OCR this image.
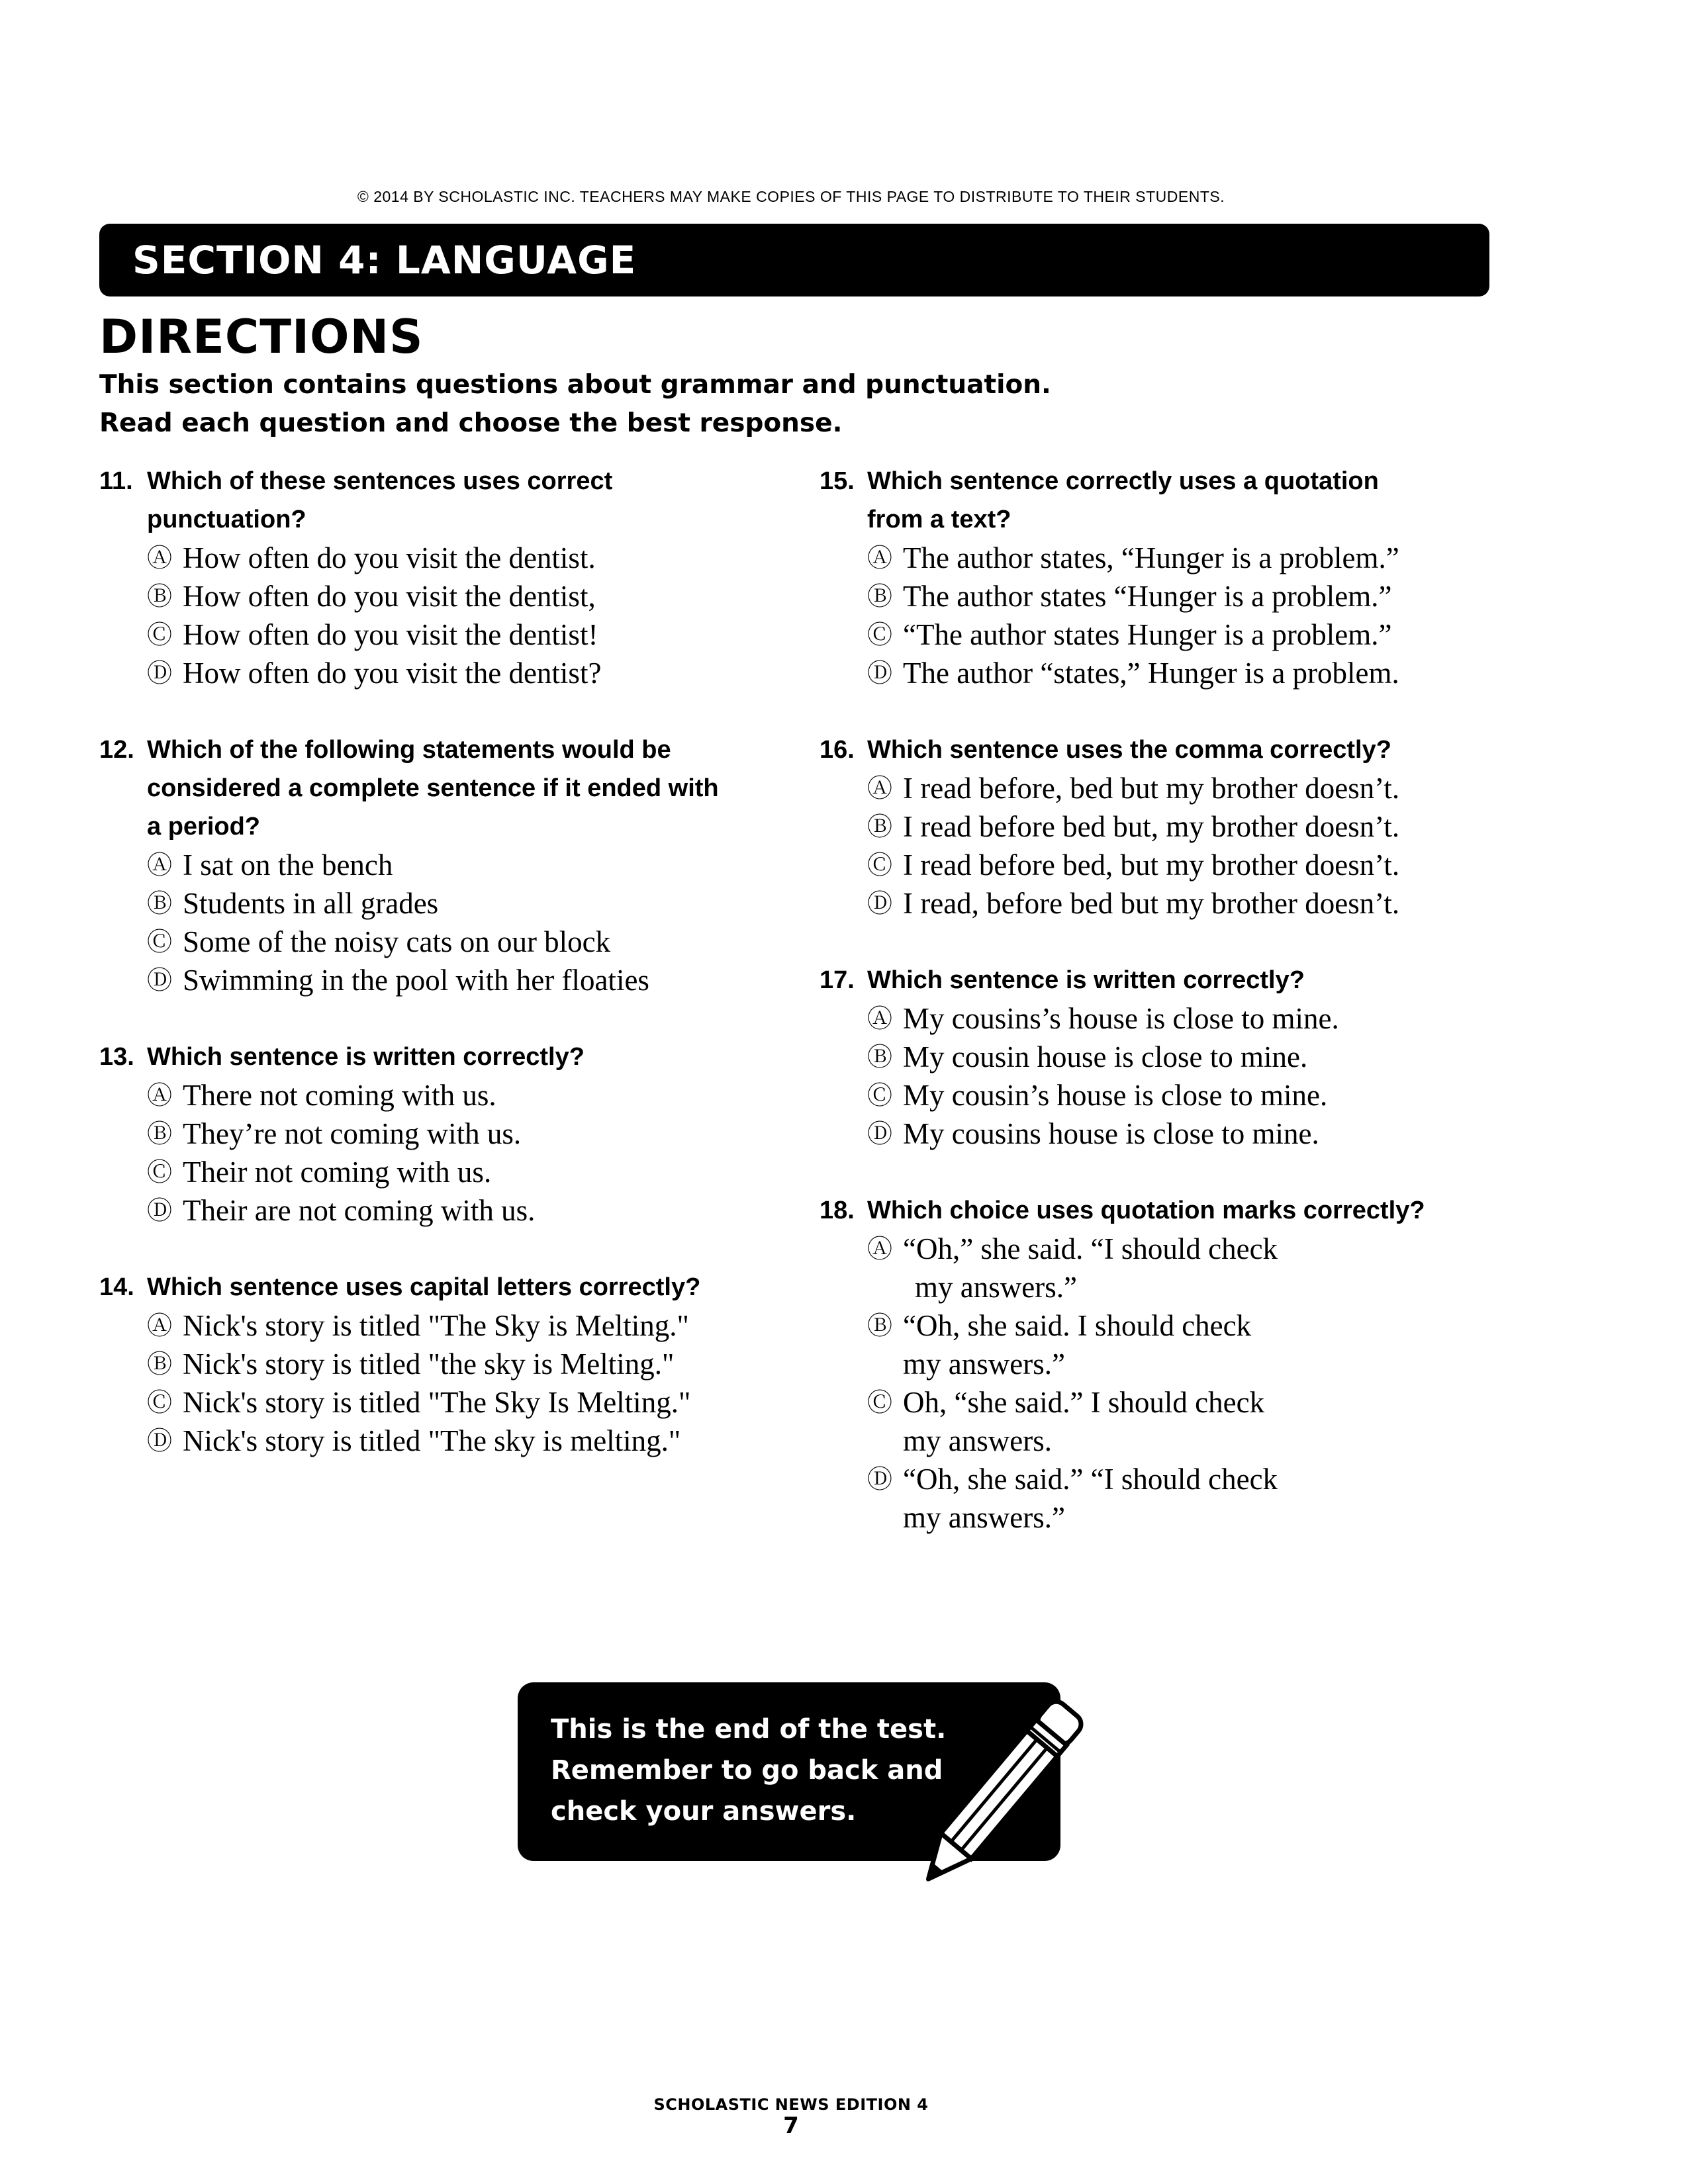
© 2014 BY SCHOLASTIC INC. TEACHERS MAY MAKE COPIES OF THIS PAGE TO DISTRIBUTE TO THEIR STUDENTS.
SECTION 4: LANGUAGE
DIRECTIONS
This section contains questions about grammar and punctuation.
Read each question and choose the best response.
11. Which of these sentences uses correct
punctuation?
Ⓐ How often do you visit the dentist.
Ⓑ How often do you visit the dentist,
Ⓒ How often do you visit the dentist!
Ⓓ How often do you visit the dentist?
12. Which of the following statements would be
considered a complete sentence if it ended with
a period?
Ⓐ I sat on the bench
Ⓑ Students in all grades
Ⓒ Some of the noisy cats on our block
Ⓓ Swimming in the pool with her floaties
13. Which sentence is written correctly?
Ⓐ There not coming with us.
Ⓑ They’re not coming with us.
Ⓒ Their not coming with us.
Ⓓ Their are not coming with us.
14. Which sentence uses capital letters correctly?
Ⓐ Nick's story is titled "The Sky is Melting."
Ⓑ Nick's story is titled "the sky is Melting."
Ⓒ Nick's story is titled "The Sky Is Melting."
Ⓓ Nick's story is titled "The sky is melting."
15. Which sentence correctly uses a quotation
from a text?
Ⓐ The author states, “Hunger is a problem.”
Ⓑ The author states “Hunger is a problem.”
Ⓒ “The author states Hunger is a problem.”
Ⓓ The author “states,” Hunger is a problem.
16. Which sentence uses the comma correctly?
Ⓐ I read before, bed but my brother doesn’t.
Ⓑ I read before bed but, my brother doesn’t.
Ⓒ I read before bed, but my brother doesn’t.
Ⓓ I read, before bed but my brother doesn’t.
17. Which sentence is written correctly?
Ⓐ My cousins’s house is close to mine.
Ⓑ My cousin house is close to mine.
Ⓒ My cousin’s house is close to mine.
Ⓓ My cousins house is close to mine.
18. Which choice uses quotation marks correctly?
Ⓐ “Oh,” she said. “I should check
my answers.”
Ⓑ “Oh, she said. I should check
my answers.”
Ⓒ Oh, “she said.” I should check
my answers.
Ⓓ “Oh, she said.” “I should check
my answers.”
This is the end of the test.
Remember to go back and
check your answers.
SCHOLASTIC NEWS EDITION 4
7
